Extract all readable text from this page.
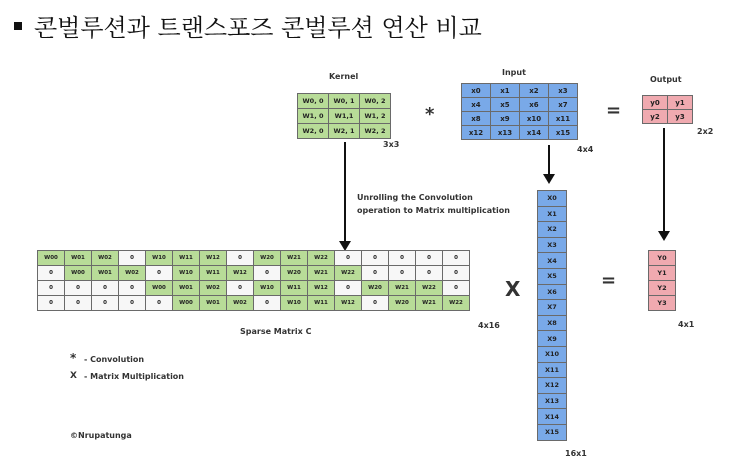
콘벌루션과 트랜스포즈 콘벌루션 연산 비교
Kernel
W0, 0	W0, 1	W0, 2
W1, 0	W1,1	W1, 2
W2, 0	W2, 1	W2, 2
3x3
*
Input
x0	x1	x2	x3
x4	x5	x6	x7
x8	x9	x10	x11
x12	x13	x14	x15
4x4
=
Output
y0	y1
y2	y3
2x2
Unrolling the Convolution
operation to Matrix multiplication
W00	W01	W02	0	W10	W11	W12	0	W20	W21	W22	0	0	0	0	0
0	W00	W01	W02	0	W10	W11	W12	0	W20	W21	W22	0	0	0	0
0	0	0	0	W00	W01	W02	0	W10	W11	W12	0	W20	W21	W22	0
0	0	0	0	0	W00	W01	W02	0	W10	W11	W12	0	W20	W21	W22
Sparse Matrix C
4x16
X
X0
X1
X2
X3
X4
X5
X6
X7
X8
X9
X10
X11
X12
X13
X14
X15
16x1
=
Y0
Y1
Y2
Y3
4x1
* - Convolution
X - Matrix Multiplication
©Nrupatunga
